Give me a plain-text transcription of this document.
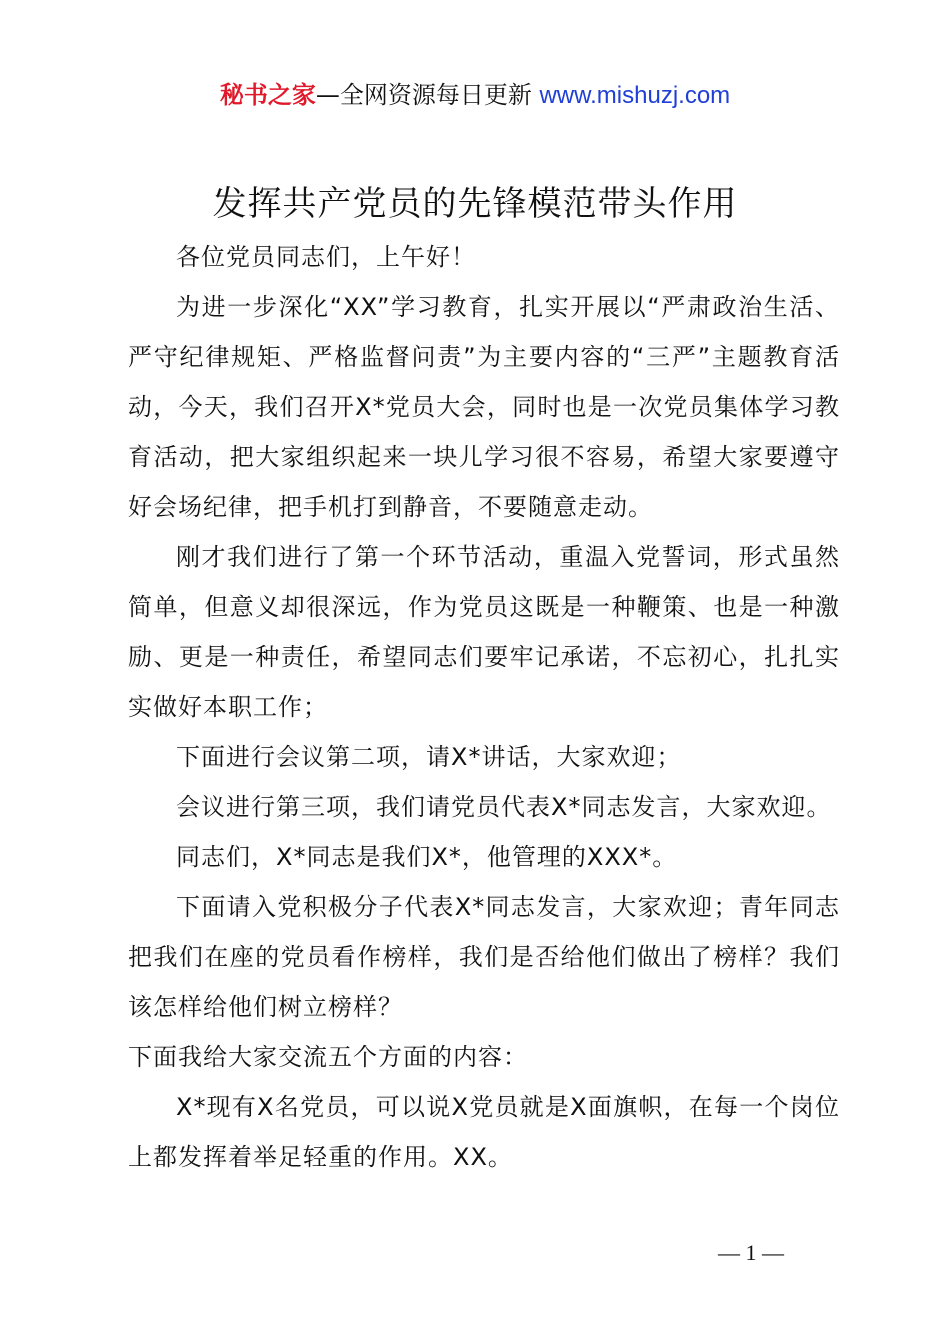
秘书之家—全网资源每日更新 www.mishuzj.com
发挥共产党员的先锋模范带头作用

各位党员同志们，上午好！

为进一步深化“XX”学习教育，扎实开展以“严肃政治生活、严守纪律规矩、严格监督问责”为主要内容的“三严”主题教育活动，今天，我们召开X*党员大会，同时也是一次党员集体学习教育活动，把大家组织起来一块儿学习很不容易，希望大家要遵守好会场纪律，把手机打到静音，不要随意走动。

刚才我们进行了第一个环节活动，重温入党誓词，形式虽然简单，但意义却很深远，作为党员这既是一种鞭策、也是一种激励、更是一种责任，希望同志们要牢记承诺，不忘初心，扎扎实实做好本职工作；

下面进行会议第二项，请X*讲话，大家欢迎；

会议进行第三项，我们请党员代表X*同志发言，大家欢迎。

同志们，X*同志是我们X*，他管理的XXX*。

下面请入党积极分子代表X*同志发言，大家欢迎；青年同志把我们在座的党员看作榜样，我们是否给他们做出了榜样？我们该怎样给他们树立榜样？

下面我给大家交流五个方面的内容：

X*现有X名党员，可以说X党员就是X面旗帜，在每一个岗位上都发挥着举足轻重的作用。XX。

— 1 —
